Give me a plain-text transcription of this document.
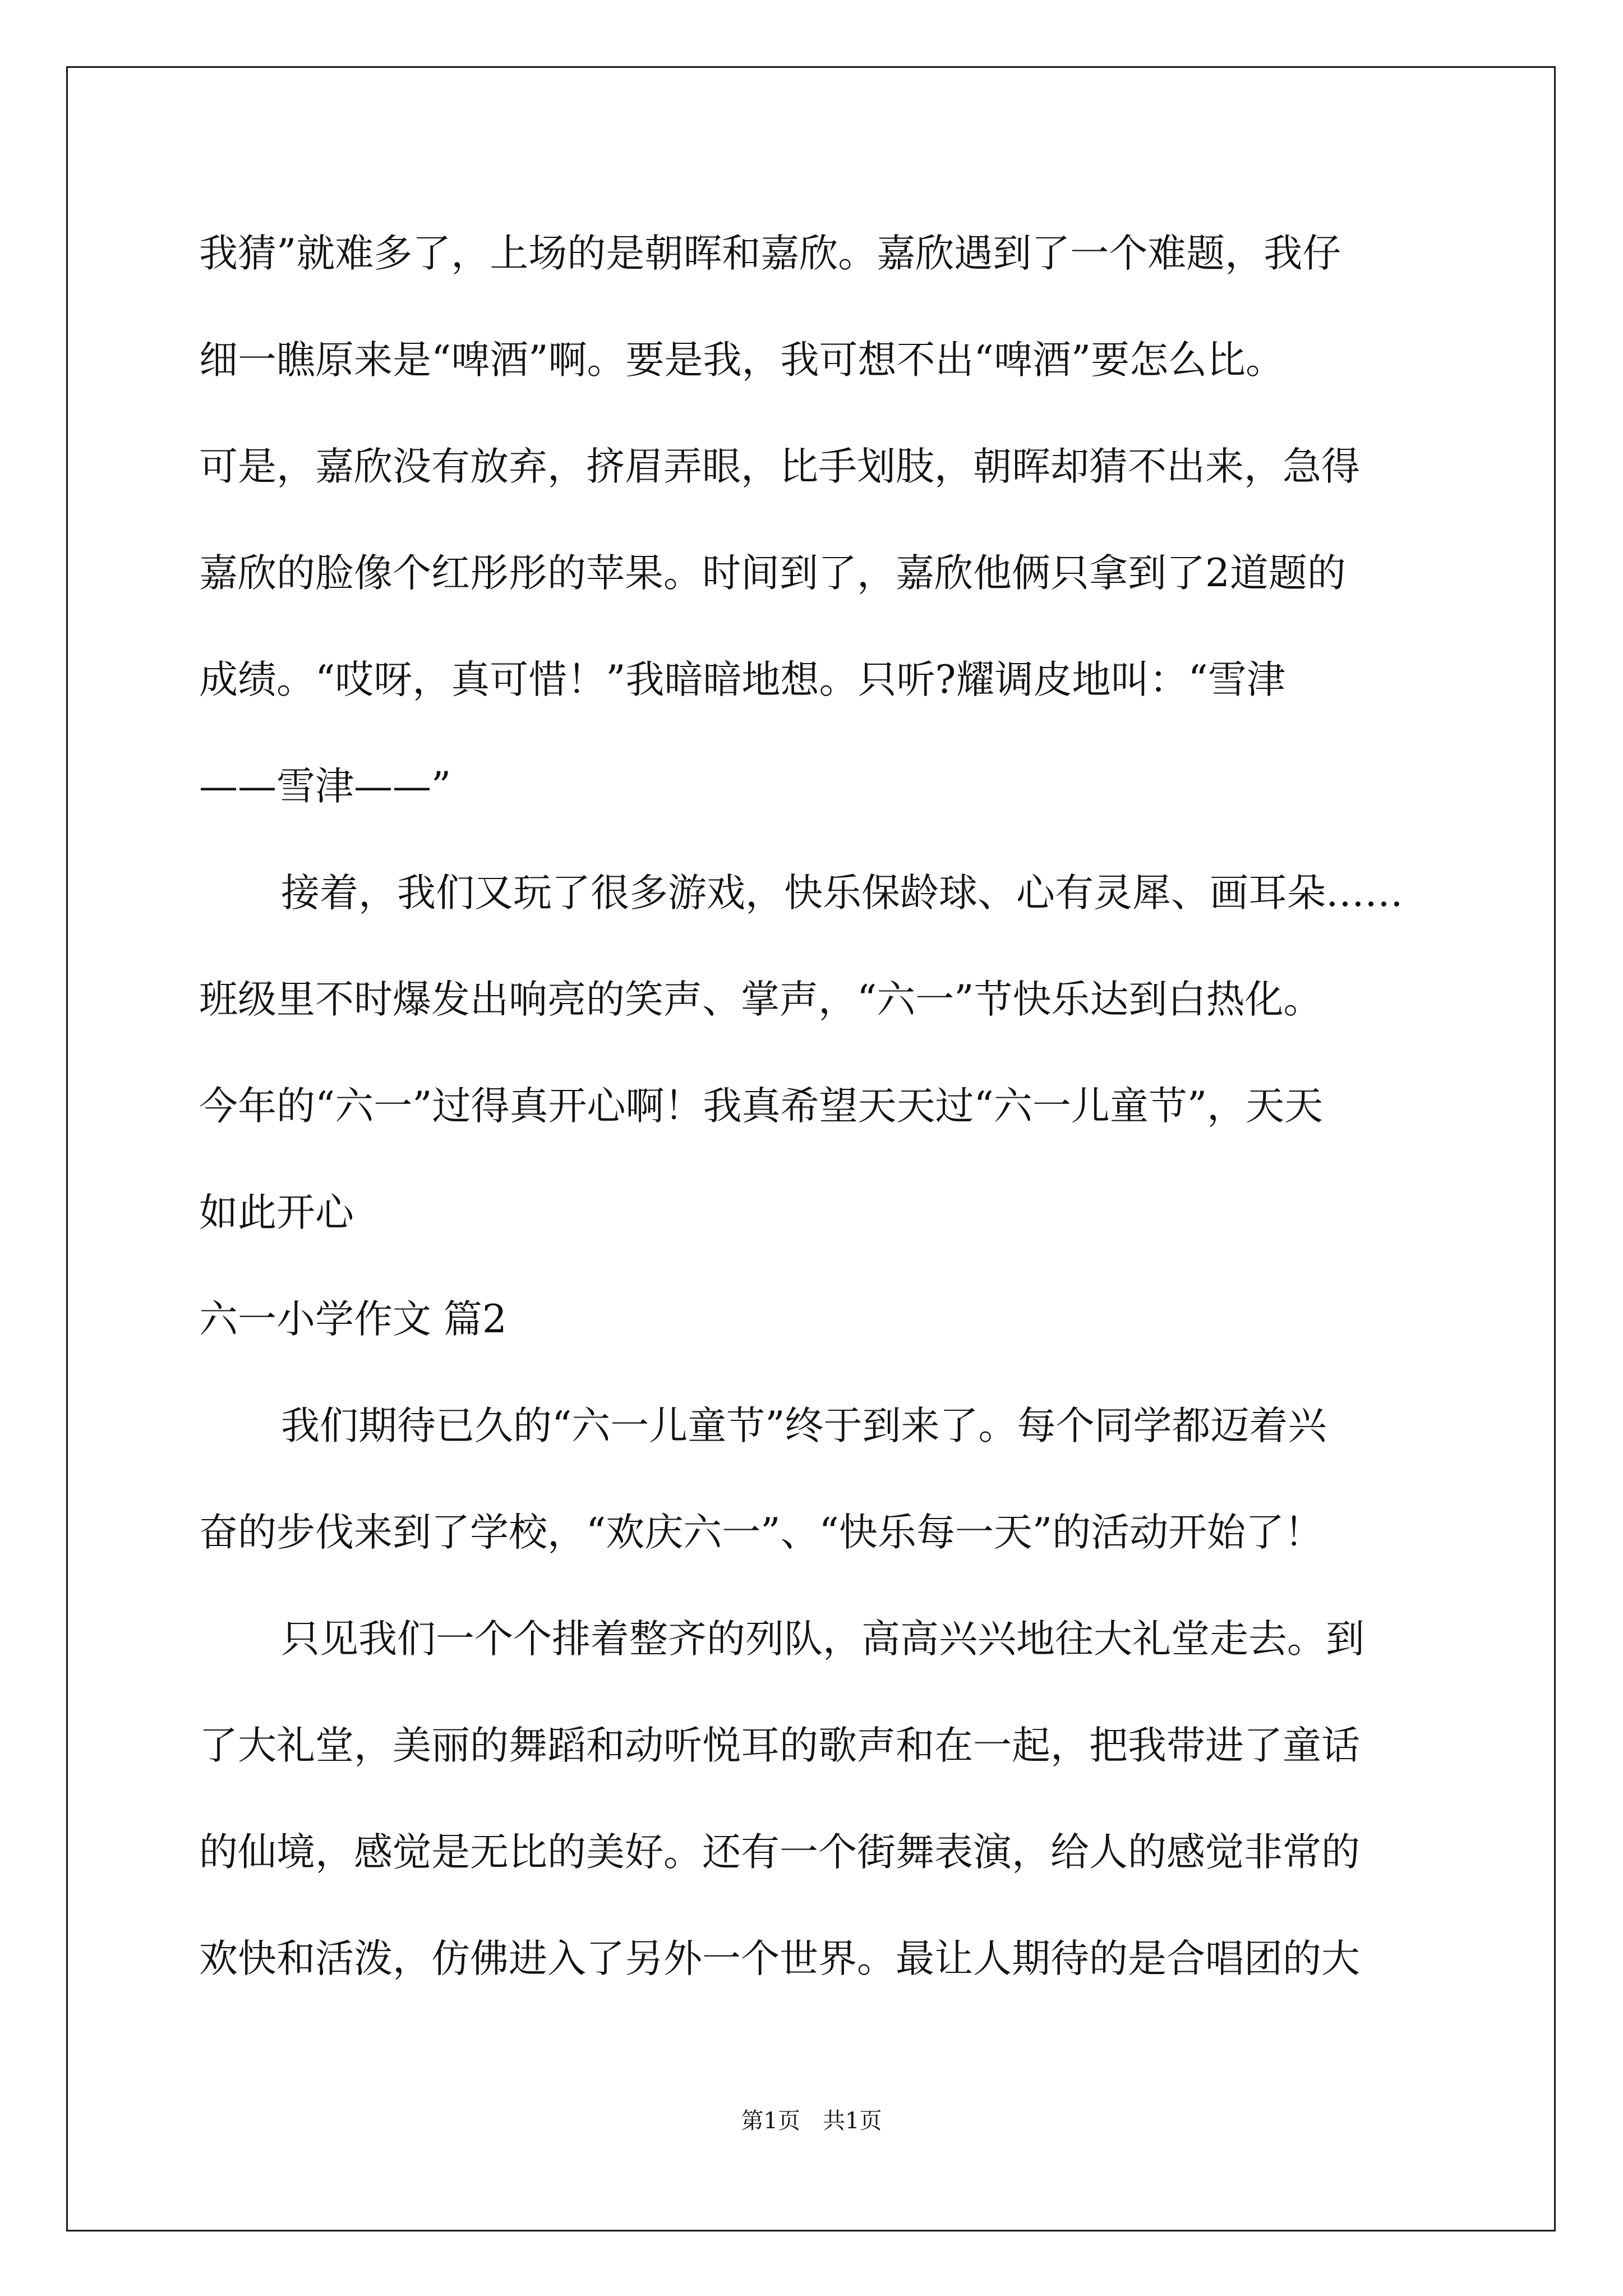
我猜”就难多了，上场的是朝晖和嘉欣。嘉欣遇到了一个难题，我仔
细一瞧原来是“啤酒”啊。要是我，我可想不出“啤酒”要怎么比。
可是，嘉欣没有放弃，挤眉弄眼，比手划肢，朝晖却猜不出来，急得
嘉欣的脸像个红彤彤的苹果。时间到了，嘉欣他俩只拿到了2道题的
成绩。“哎呀，真可惜！”我暗暗地想。只听?耀调皮地叫：“雪津
——雪津——”
接着，我们又玩了很多游戏，快乐保龄球、心有灵犀、画耳朵……
班级里不时爆发出响亮的笑声、掌声，“六一”节快乐达到白热化。
今年的“六一”过得真开心啊！我真希望天天过“六一儿童节”，天天
如此开心
六一小学作文 篇2
我们期待已久的“六一儿童节”终于到来了。每个同学都迈着兴
奋的步伐来到了学校，“欢庆六一”、“快乐每一天”的活动开始了！
只见我们一个个排着整齐的列队，高高兴兴地往大礼堂走去。到
了大礼堂，美丽的舞蹈和动听悦耳的歌声和在一起，把我带进了童话
的仙境，感觉是无比的美好。还有一个街舞表演，给人的感觉非常的
欢快和活泼，仿佛进入了另外一个世界。最让人期待的是合唱团的大
第1页　共1页
